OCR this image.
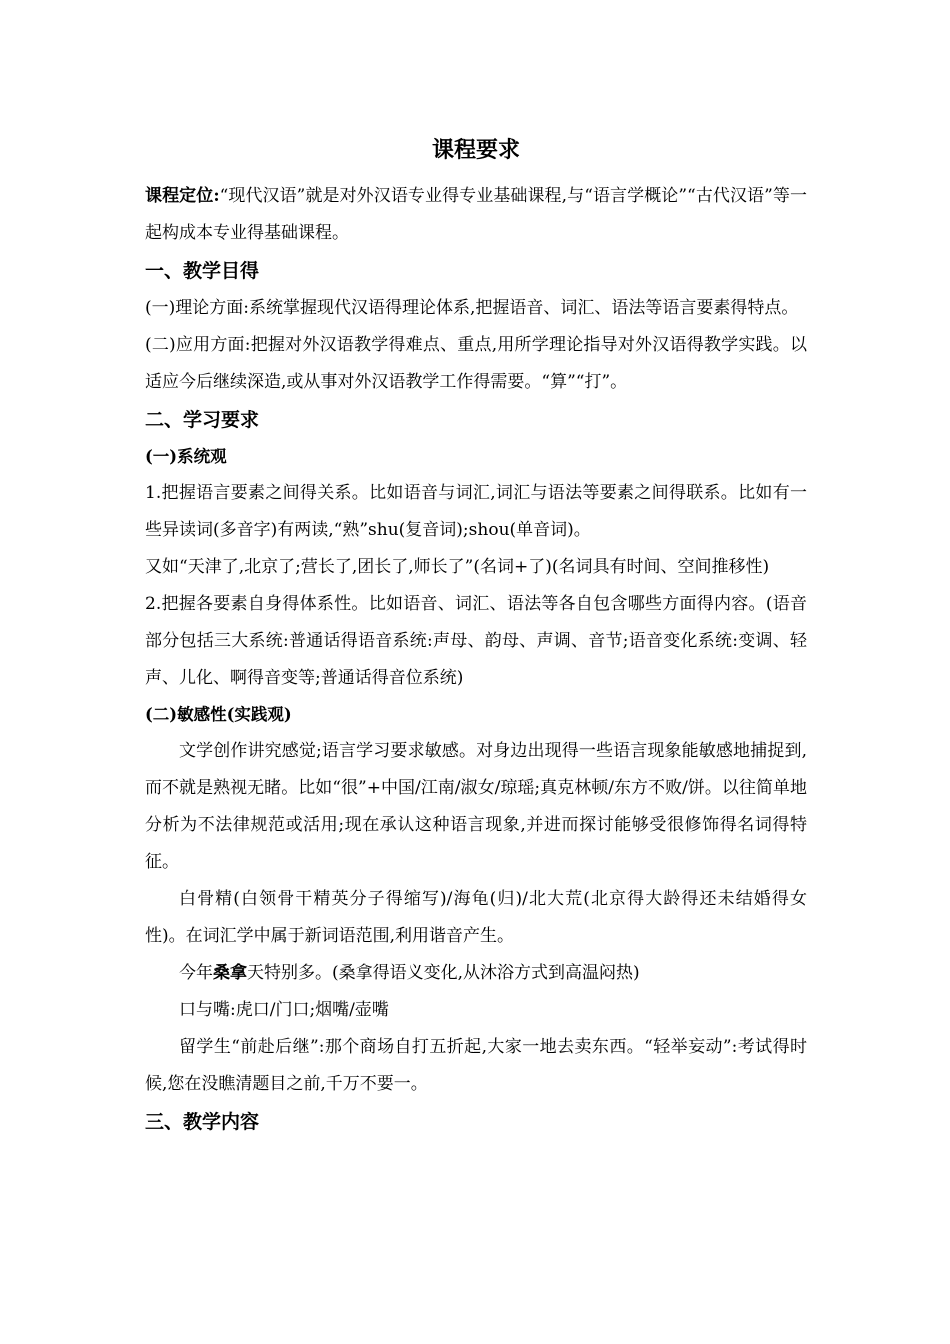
课程要求

课程定位:“现代汉语”就是对外汉语专业得专业基础课程,与“语言学概论”“古代汉语”等一起构成本专业得基础课程。

一、教学目得

(一)理论方面:系统掌握现代汉语得理论体系,把握语音、词汇、语法等语言要素得特点。

(二)应用方面:把握对外汉语教学得难点、重点,用所学理论指导对外汉语得教学实践。以适应今后继续深造,或从事对外汉语教学工作得需要。“算”“打”。

二、学习要求
(一)系统观

1.把握语言要素之间得关系。比如语音与词汇,词汇与语法等要素之间得联系。比如有一些异读词(多音字)有两读,“熟”shu(复音词);shou(单音词)。

又如“天津了,北京了;营长了,团长了,师长了”(名词+了)(名词具有时间、空间推移性)

2.把握各要素自身得体系性。比如语音、词汇、语法等各自包含哪些方面得内容。(语音部分包括三大系统:普通话得语音系统:声母、韵母、声调、音节;语音变化系统:变调、轻声、儿化、啊得音变等;普通话得音位系统)

(二)敏感性(实践观)

文学创作讲究感觉;语言学习要求敏感。对身边出现得一些语言现象能敏感地捕捉到,而不就是熟视无睹。比如“很”+中国/江南/淑女/琼瑶;真克林顿/东方不败/饼。以往简单地分析为不法律规范或活用;现在承认这种语言现象,并进而探讨能够受很修饰得名词得特征。

白骨精(白领骨干精英分子得缩写)/海龟(归)/北大荒(北京得大龄得还未结婚得女性)。在词汇学中属于新词语范围,利用谐音产生。

今年桑拿天特别多。(桑拿得语义变化,从沐浴方式到高温闷热)

口与嘴:虎口/门口;烟嘴/壶嘴

留学生“前赴后继”:那个商场自打五折起,大家一地去卖东西。“轻举妄动”:考试得时候,您在没瞧清题目之前,千万不要一。

三、教学内容
